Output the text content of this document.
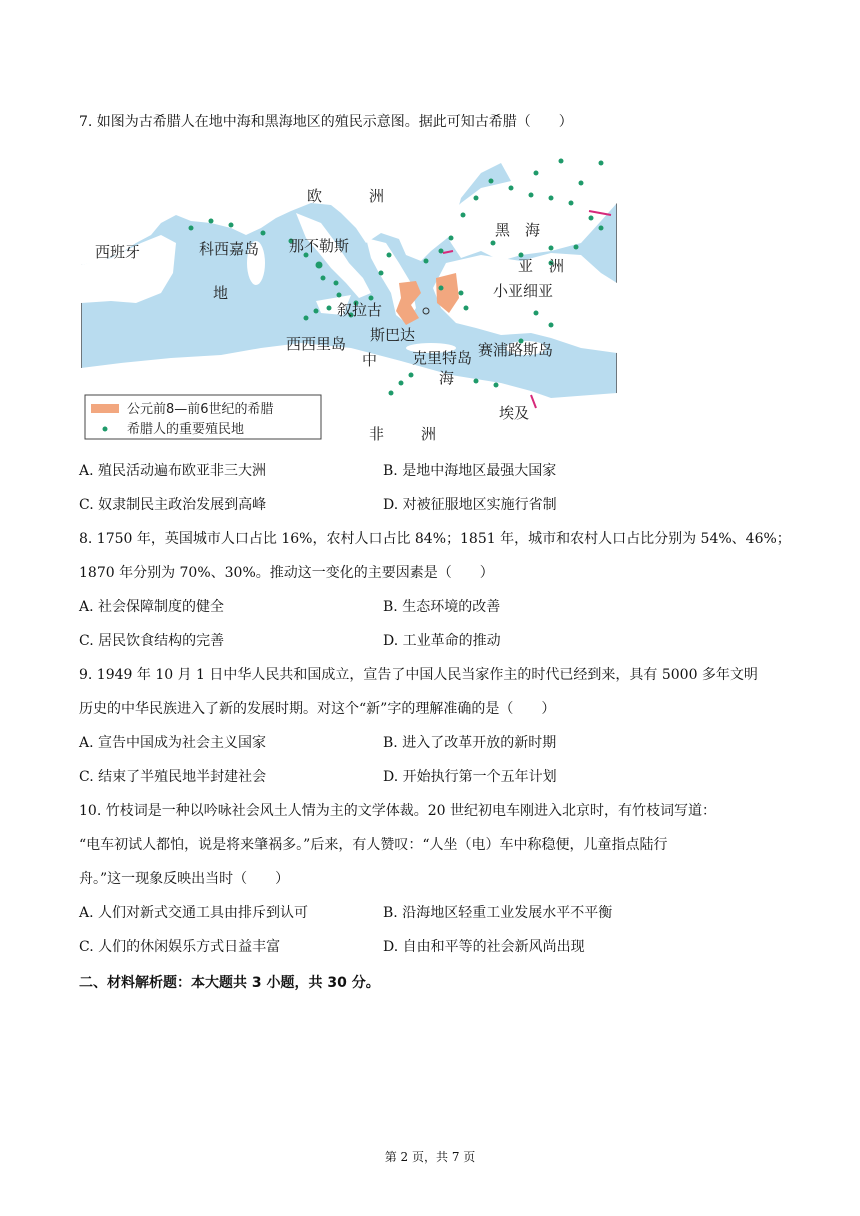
7. 如图为古希腊人在地中海和黑海地区的殖民示意图。据此可知古希腊（　　）
欧	洲
西班牙	科西嘉岛 那不勒斯
黑 海
亚 洲
小亚细亚
地
叙拉古
斯巴达
西西里岛
中 克里特岛 赛浦路斯岛
海
埃及
非 洲
公元前8—前6世纪的希腊
希腊人的重要殖民地
A. 殖民活动遍布欧亚非三大洲	B. 是地中海地区最强大国家
C. 奴隶制民主政治发展到高峰	D. 对被征服地区实施行省制
8. 1750 年，英国城市人口占比 16%，农村人口占比 84%；1851 年，城市和农村人口占比分别为 54%、46%；
1870 年分别为 70%、30%。推动这一变化的主要因素是（　　）
A. 社会保障制度的健全	B. 生态环境的改善
C. 居民饮食结构的完善	D. 工业革命的推动
9. 1949 年 10 月 1 日中华人民共和国成立，宣告了中国人民当家作主的时代已经到来，具有 5000 多年文明
历史的中华民族进入了新的发展时期。对这个“新”字的理解准确的是（　　）
A. 宣告中国成为社会主义国家	B. 进入了改革开放的新时期
C. 结束了半殖民地半封建社会	D. 开始执行第一个五年计划
10. 竹枝词是一种以吟咏社会风土人情为主的文学体裁。20 世纪初电车刚进入北京时，有竹枝词写道：
“电车初试人都怕，说是将来肇祸多。”后来，有人赞叹：“人坐（电）车中称稳便，儿童指点陆行
舟。”这一现象反映出当时（　　）
A. 人们对新式交通工具由排斥到认可	B. 沿海地区轻重工业发展水平不平衡
C. 人们的休闲娱乐方式日益丰富	D. 自由和平等的社会新风尚出现
二、材料解析题：本大题共 3 小题，共 30 分。
第 2 页，共 7 页
